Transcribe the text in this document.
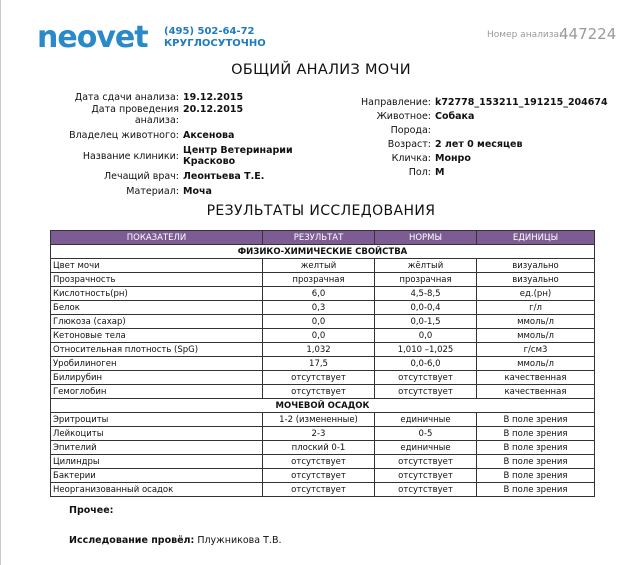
neovet (495) 502-64-72
КРУГЛОСУТОЧНО
Номер анализа:
447224
ОБЩИЙ АНАЛИЗ МОЧИ
Дата сдачи анализа: 19.12.2015
Дата проведения анализа:
20.12.2015
Владелец животного: Аксенова
Название клиники: Центр Ветеринарии Красково
Лечащий врач: Леонтьева Т.Е.
Материал: Моча
Направление: k72778_153211_191215_204674
Животное: Собака
Порода:
Возраст: 2 лет 0 месяцев
Кличка: Монро
Пол: М
РЕЗУЛЬТАТЫ ИССЛЕДОВАНИЯ
ПОКАЗАТЕЛИ	РЕЗУЛЬТАТ	НОРМЫ	ЕДИНИЦЫ
ФИЗИКО-ХИМИЧЕСКИЕ СВОЙСТВА			
Цвет мочи	желтый	жёлтый	визуально
Прозрачность	прозрачная	прозрачная	визуально
Кислотность(рн)	6,0	4,5-8,5	ед.(рн)
Белок	0,3	0,0-0,4	г/л
Глюкоза (сахар)	0,0	0,0-1,5	ммоль/л
Кетоновые тела	0,0	0,0	ммоль/л
Относительная плотность (SpG)	1,032	1,010 –1,025	г/см3
Уробилиноген	17,5	0,0-6,0	ммоль/л
Билирубин	отсутствует	отсутствует	качественная
Гемоглобин	отсутствует	отсутствует	качественная
МОЧЕВОЙ ОСАДОК			
Эритроциты	1-2 (измененные)	единичные	В поле зрения
Лейкоциты	2-3	0-5	В поле зрения
Эпителий	плоский 0-1	единичные	В поле зрения
Цилиндры	отсутствует	отсутствует	В поле зрения
Бактерии	отсутствует	отсутствует	В поле зрения
Неорганизованный осадок	отсутствует	отсутствует	В поле зрения
Прочее:
Исследование провёл: Плужникова Т.В.
